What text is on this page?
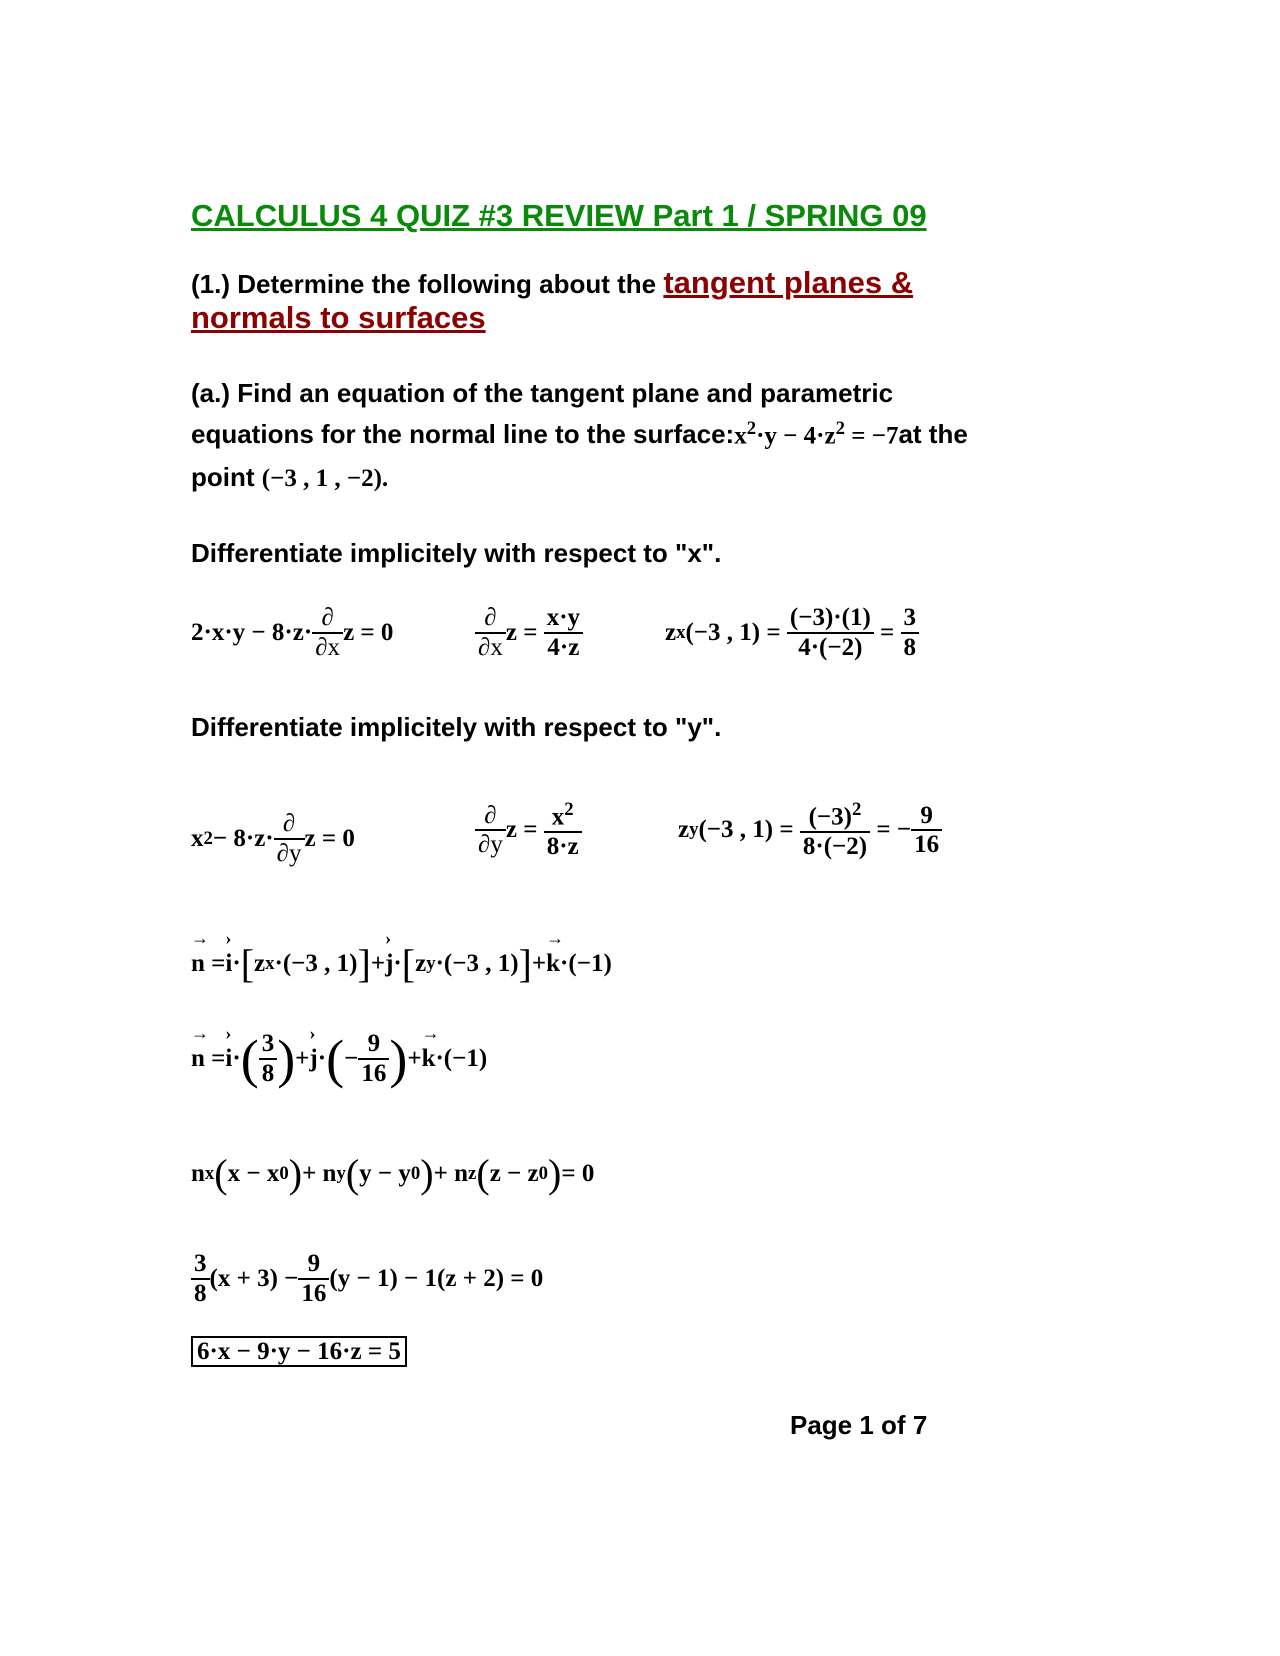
CALCULUS 4 QUIZ #3 REVIEW Part 1 / SPRING 09
(1.) Determine the following about the tangent planes &
normals to surfaces
(a.) Find an equation of the tangent plane and parametric
equations for the normal line to the surface: $x^2\cdot y - 4\cdot z^2 = -7$ at the
point (−3 , 1 , −2).
Differentiate implicitely with respect to "x".
$2\cdot x\cdot y - 8\cdot z\cdot \frac{\partial}{\partial x}$ z = 0	$\frac{\partial}{\partial x}$ $z = \frac{x\cdot y}{4\cdot z}$	z x (−3 , $1) = \frac{(-3)\cdot(1)}{4\cdot(-2)} = \frac{3}{8}$
Differentiate implicitely with respect to "y".
x $2 - 8\cdot z\cdot \frac{\partial}{\partial y}$ z = 0	$\frac{\partial}{\partial y}$ $z = \frac{x^2}{8\cdot z}$	z y (−3 , $1) = \frac{(-3)^2}{8\cdot(-2)}$ = − $\frac{9}{16}$
→
n =
›
i · [ z x ·(−3 , 1) ] +
›
j · [ z y ·(−3 , 1) ] +
→
k ·(−1)
→
n =
›
i · ( $\frac{3}{8}$ ) +
›
j · ( − $\frac{9}{16}$ ) +
→
k ·(−1)
n x ( x − x 0 ) + n y ( y − y 0 ) + n z ( z − z 0 ) = 0
$\frac{3}{8} (x + 3) - \frac{9}{16} (y - 1) - 1(z + 2) = 0$
6·x − 9·y − 16·z = 5
Page 1 of 7
